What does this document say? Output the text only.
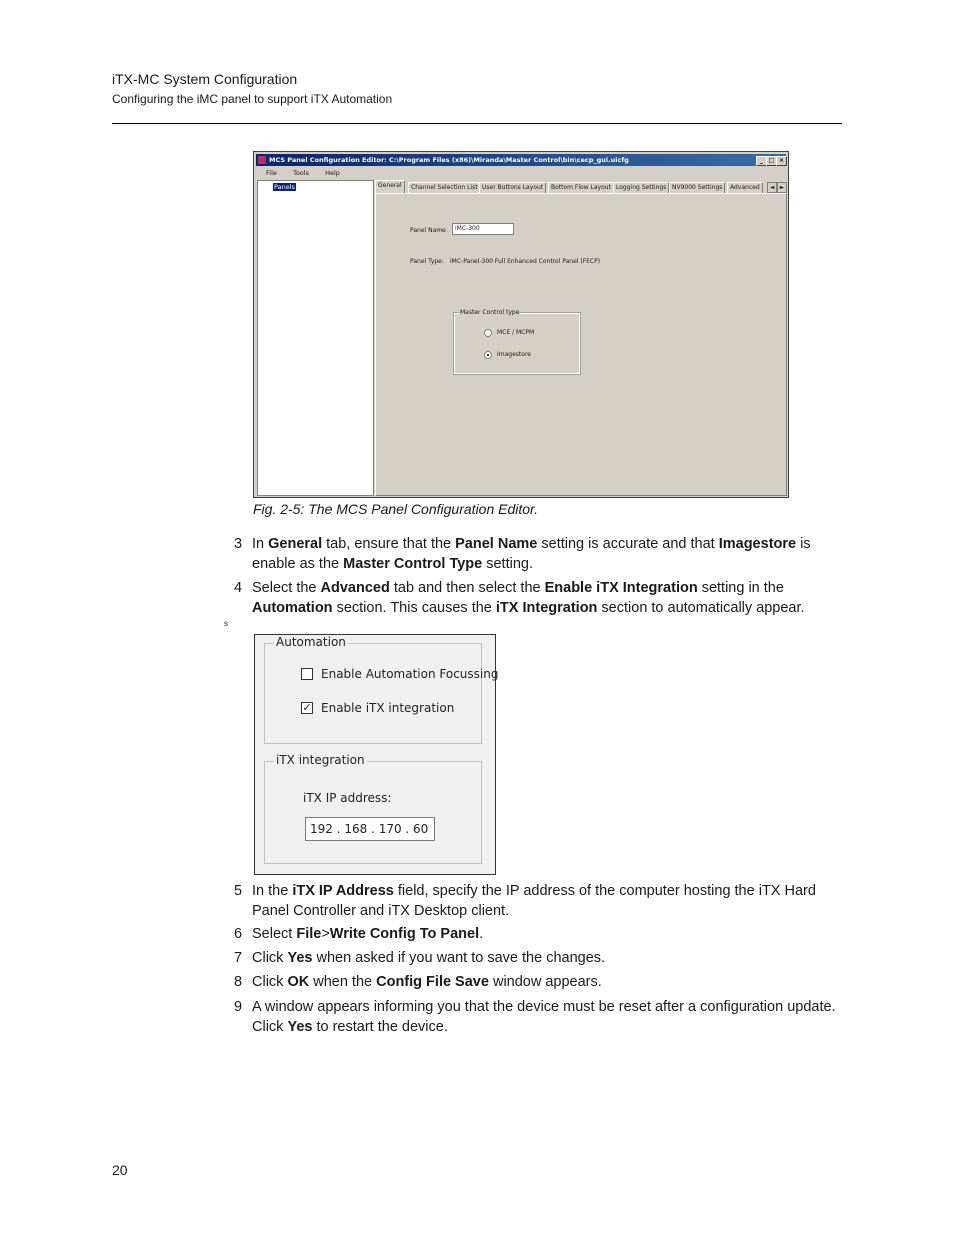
iTX-MC System Configuration
Configuring the iMC panel to support iTX Automation
MCS Panel Configuration Editor: C:\Program Files (x86)\Miranda\Master Control\bin\cecp_gui.uicfg	_ □ ×
File Tools Help
Panels	General	Channel Selection List User Buttons Layout	Bottom Flow Layout Logging Settings NV9000 Settings	Advanced	◄ ►
Panel Name	iMC-300
Panel Type: iMC-Panel-300 Full Enhanced Control Panel (FECP)
Master Control type
MCE / MCPM
Imagestore
Fig. 2-5: The MCS Panel Configuration Editor.
3 In General tab, ensure that the Panel Name setting is accurate and that Imagestore is enable as the Master Control Type setting.
4 Select the Advanced tab and then select the Enable iTX Integration setting in the Automation section. This causes the iTX Integration section to automatically appear.
s
Automation
Enable Automation Focussing
✓ Enable iTX integration
iTX integration
iTX IP address:
192 . 168 . 170 . 60
5 In the iTX IP Address field, specify the IP address of the computer hosting the iTX Hard Panel Controller and iTX Desktop client.
6 Select File>Write Config To Panel.
7 Click Yes when asked if you want to save the changes.
8 Click OK when the Config File Save window appears.
9 A window appears informing you that the device must be reset after a configuration update. Click Yes to restart the device.
20
